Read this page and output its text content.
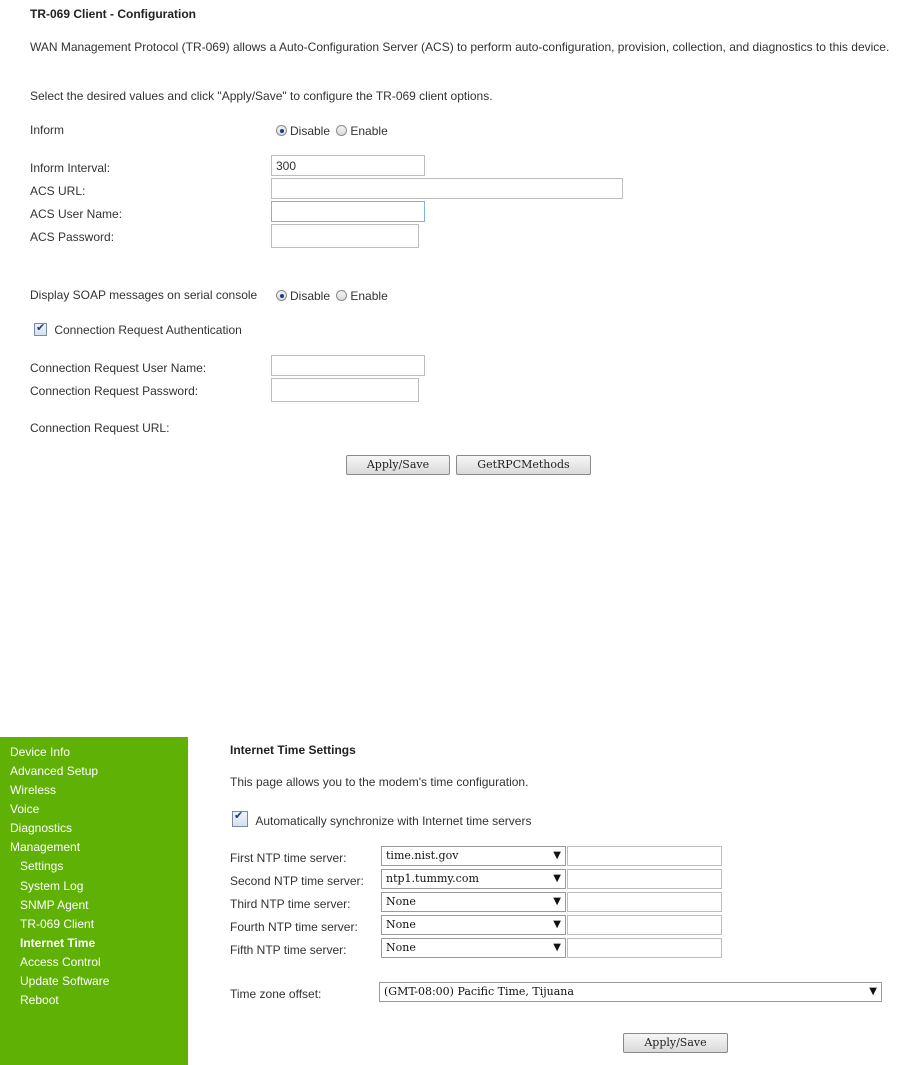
TR-069 Client - Configuration
WAN Management Protocol (TR-069) allows a Auto-Configuration Server (ACS) to perform auto-configuration, provision, collection, and diagnostics to this device.
Select the desired values and click "Apply/Save" to configure the TR-069 client options.
Inform	Disable Enable
Inform Interval:
300
ACS URL:
ACS User Name:
ACS Password:
Display SOAP messages on serial console	Disable Enable
✔ Connection Request Authentication
Connection Request User Name:
Connection Request Password:
Connection Request URL:
Apply/Save	GetRPCMethods
Device Info
Advanced Setup
Wireless
Voice
Diagnostics
Management
Settings
System Log
SNMP Agent
TR-069 Client
Internet Time
Access Control
Update Software
Reboot
Internet Time Settings
This page allows you to the modem's time configuration.
✔ Automatically synchronize with Internet time servers
First NTP time server:	time.nist.gov	▼
Second NTP time server:	ntp1.tummy.com	▼
Third NTP time server:	None	▼
Fourth NTP time server:	None	▼
Fifth NTP time server:	None	▼
Time zone offset:	(GMT-08:00) Pacific Time, Tijuana	▼
Apply/Save
